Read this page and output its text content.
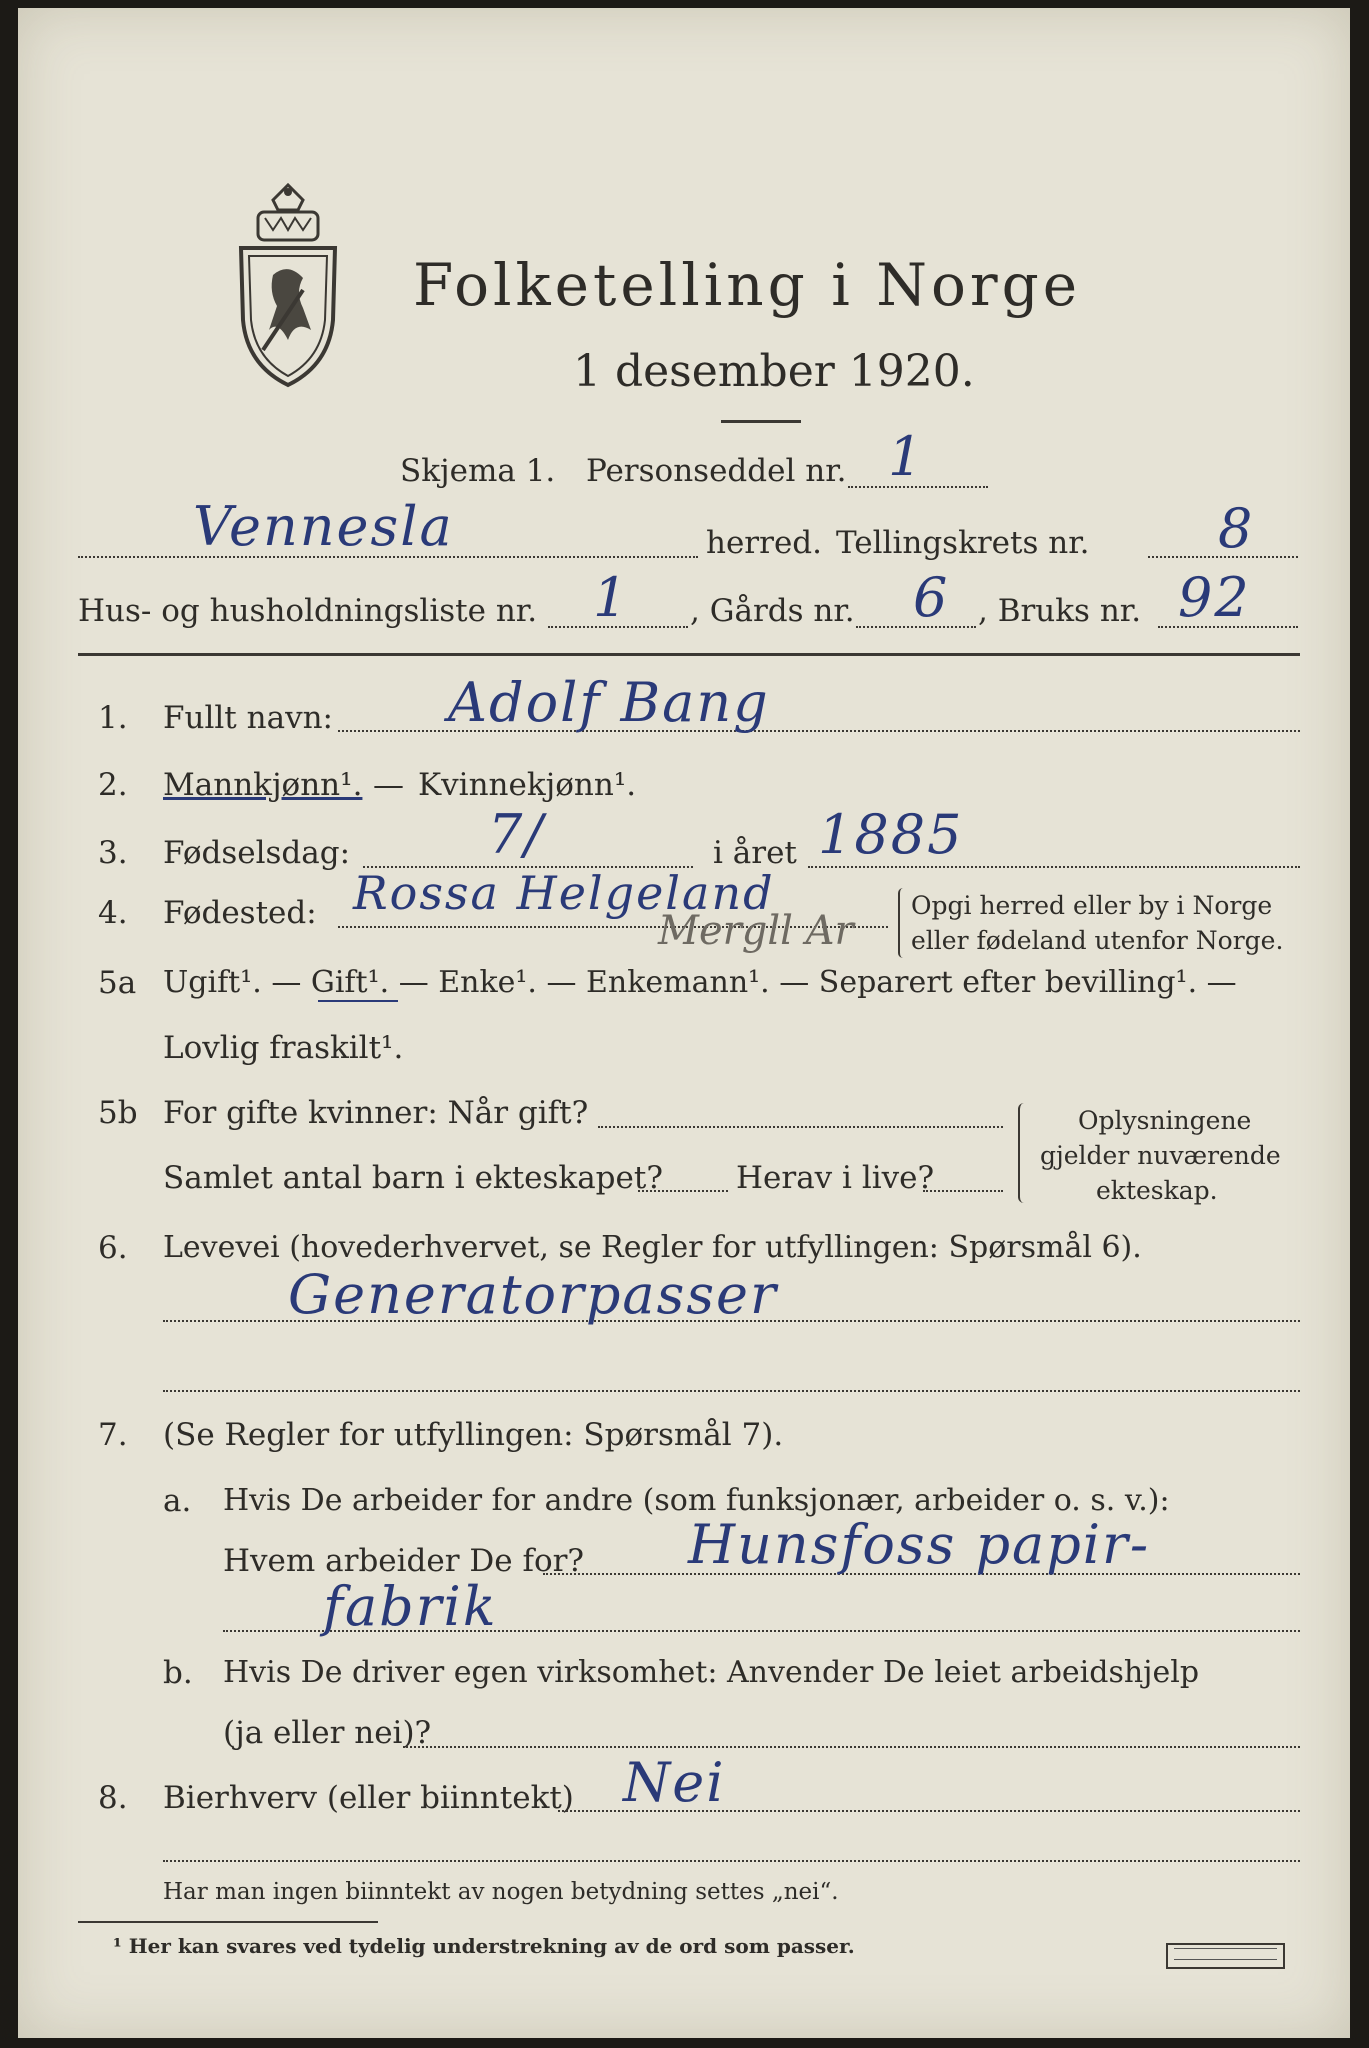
Folketelling i Norge
1 desember 1920.
Skjema 1. Personseddel nr. 1
Vennesla	herred. Tellingskrets nr. 8
Hus- og husholdningsliste nr. 1 , Gårds nr. 6 , Bruks nr. 92
1. Fullt navn: Adolf Bang
2. Mannkjønn¹. — Kvinnekjønn¹.
3. Fødselsdag:	7/	i året 1885
4. Fødested: Rossa Helgeland
Mergll Ar
Opgi herred eller by i Norge
eller fødeland utenfor Norge.
5a Ugift¹. — Gift¹. — Enke¹. — Enkemann¹. — Separert efter bevilling¹. —
Lovlig fraskilt¹.
5b For gifte kvinner: Når gift?
Samlet antal barn i ekteskapet? Herav i live?
Oplysningene
gjelder nuværende
ekteskap.
6. Levevei (hovederhvervet, se Regler for utfyllingen: Spørsmål 6).
Generatorpasser
7. (Se Regler for utfyllingen: Spørsmål 7).
a. Hvis De arbeider for andre (som funksjonær, arbeider o. s. v.):
Hvem arbeider De for? Hunsfoss papir-
fabrik
b. Hvis De driver egen virksomhet: Anvender De leiet arbeidshjelp
(ja eller nei)?
8. Bierhverv (eller biinntekt) Nei
Har man ingen biinntekt av nogen betydning settes „nei“.
¹ Her kan svares ved tydelig understrekning av de ord som passer.
